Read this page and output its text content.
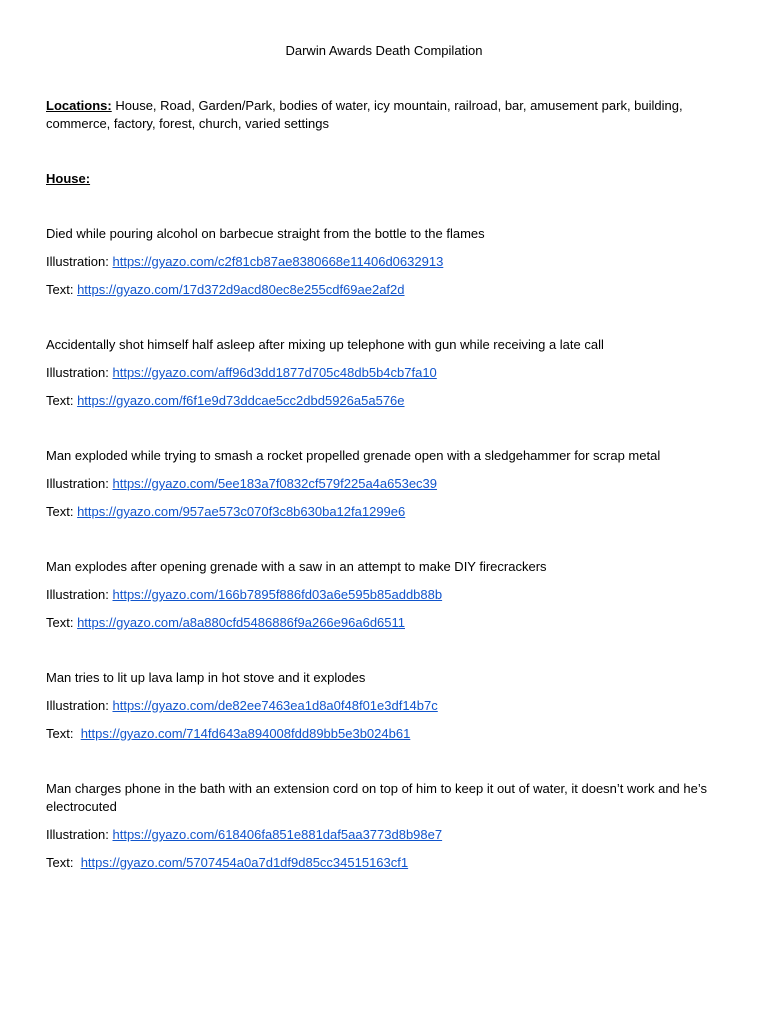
Darwin Awards Death Compilation

Locations: House, Road, Garden/Park, bodies of water, icy mountain, railroad, bar, amusement park, building, commerce, factory, forest, church, varied settings

House:

Died while pouring alcohol on barbecue straight from the bottle to the flames

Illustration: https://gyazo.com/c2f81cb87ae8380668e11406d0632913

Text: https://gyazo.com/17d372d9acd80ec8e255cdf69ae2af2d

Accidentally shot himself half asleep after mixing up telephone with gun while receiving a late call

Illustration: https://gyazo.com/aff96d3dd1877d705c48db5b4cb7fa10

Text: https://gyazo.com/f6f1e9d73ddcae5cc2dbd5926a5a576e

Man exploded while trying to smash a rocket propelled grenade open with a sledgehammer for scrap metal

Illustration: https://gyazo.com/5ee183a7f0832cf579f225a4a653ec39

Text: https://gyazo.com/957ae573c070f3c8b630ba12fa1299e6

Man explodes after opening grenade with a saw in an attempt to make DIY firecrackers

Illustration: https://gyazo.com/166b7895f886fd03a6e595b85addb88b

Text: https://gyazo.com/a8a880cfd5486886f9a266e96a6d6511

Man tries to lit up lava lamp in hot stove and it explodes

Illustration: https://gyazo.com/de82ee7463ea1d8a0f48f01e3df14b7c

Text:  https://gyazo.com/714fd643a894008fdd89bb5e3b024b61

Man charges phone in the bath with an extension cord on top of him to keep it out of water, it doesn’t work and he’s electrocuted

Illustration: https://gyazo.com/618406fa851e881daf5aa3773d8b98e7

Text:  https://gyazo.com/5707454a0a7d1df9d85cc34515163cf1
